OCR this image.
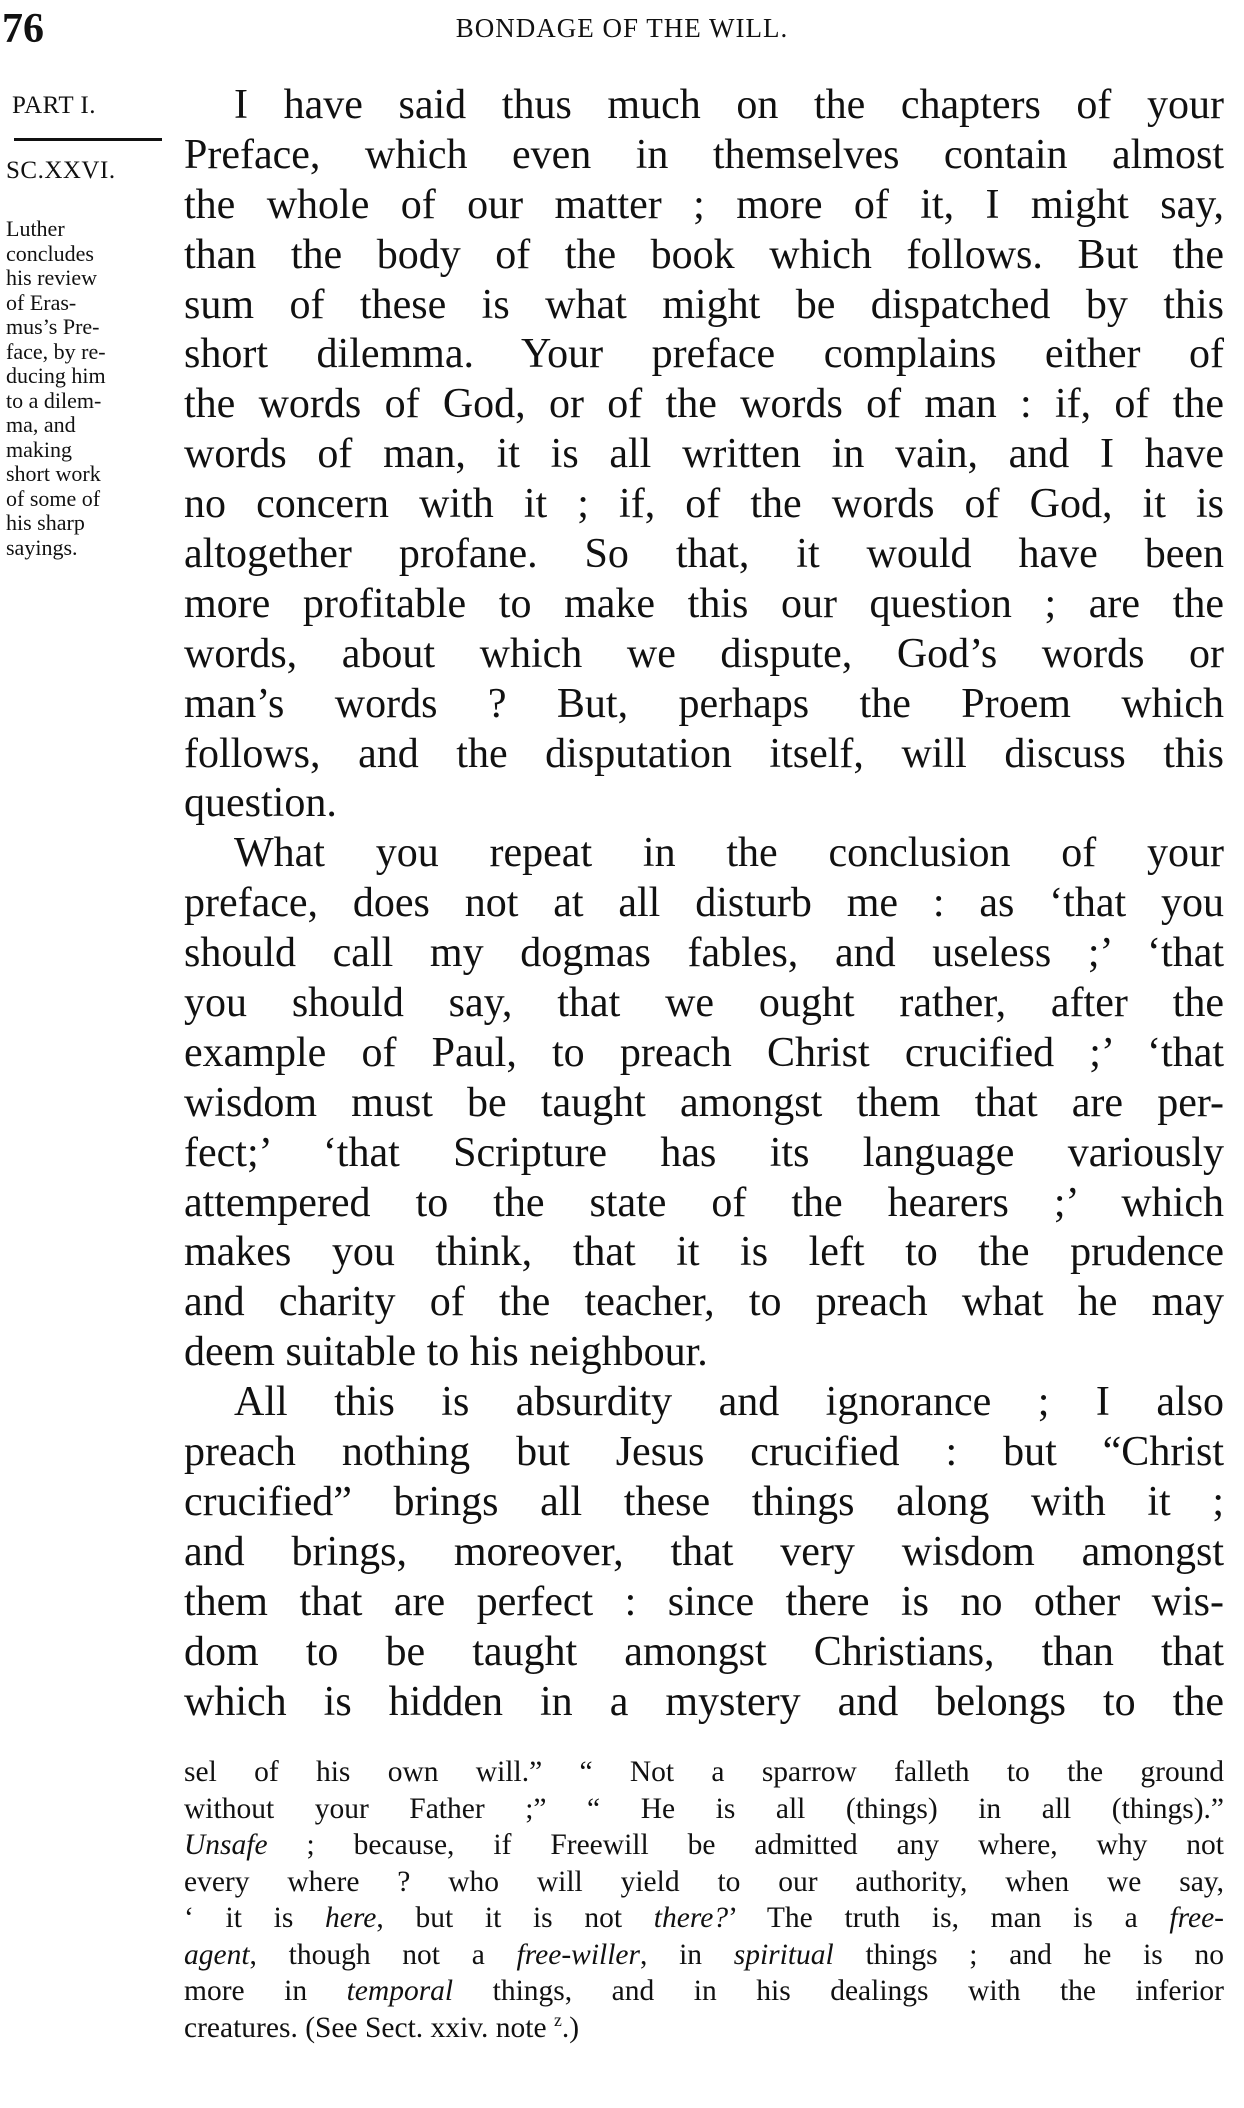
76	BONDAGE OF THE WILL.
PART I.
SC.XXVI.
Luther
concludes
his review
of Eras-
mus’s Pre-
face, by re-
ducing him
to a dilem-
ma, and
making
short work
of some of
his sharp
sayings.
I have said thus much on the chapters of your
Preface, which even in themselves contain almost
the whole of our matter ; more of it, I might say,
than the body of the book which follows. But the
sum of these is what might be dispatched by this
short dilemma. Your preface complains either of
the words of God, or of the words of man : if, of the
words of man, it is all written in vain, and I have
no concern with it ; if, of the words of God, it is
altogether profane. So that, it would have been
more profitable to make this our question ; are the
words, about which we dispute, God’s words or
man’s words ? But, perhaps the Proem which
follows, and the disputation itself, will discuss this
question.
What you repeat in the conclusion of your
preface, does not at all disturb me : as ‘that you
should call my dogmas fables, and useless ;’ ‘that
you should say, that we ought rather, after the
example of Paul, to preach Christ crucified ;’ ‘that
wisdom must be taught amongst them that are per-
fect;’ ‘that Scripture has its language variously
attempered to the state of the hearers ;’ which
makes you think, that it is left to the prudence
and charity of the teacher, to preach what he may
deem suitable to his neighbour.
All this is absurdity and ignorance ; I also
preach nothing but Jesus crucified : but “Christ
crucified” brings all these things along with it ;
and brings, moreover, that very wisdom amongst
them that are perfect : since there is no other wis-
dom to be taught amongst Christians, than that
which is hidden in a mystery and belongs to the
sel of his own will.” “ Not a sparrow falleth to the ground
without your Father ;” “ He is all (things) in all (things).”
Unsafe ; because, if Freewill be admitted any where, why not
every where ? who will yield to our authority, when we say,
‘ it is here, but it is not there?’ The truth is, man is a free-
agent, though not a free-willer, in spiritual things ; and he is no
more in temporal things, and in his dealings with the inferior
creatures. (See Sect. xxiv. note $^z$.)
